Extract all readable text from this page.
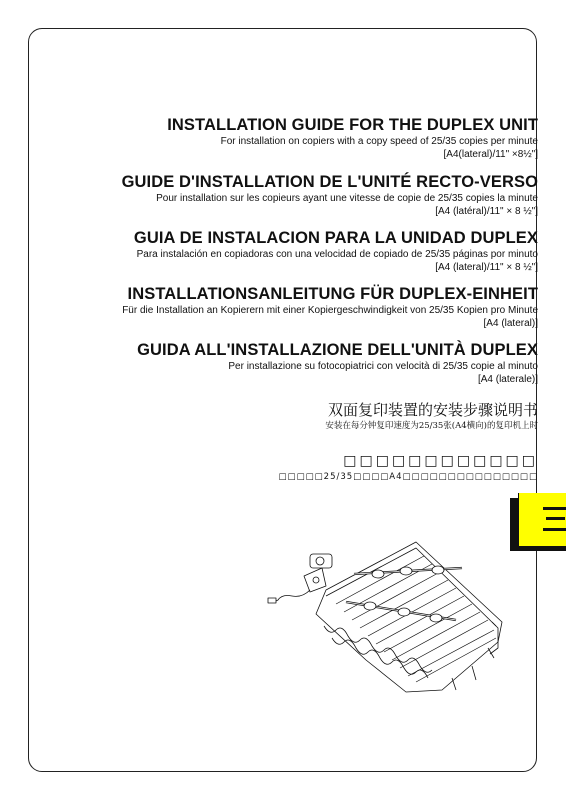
INSTALLATION GUIDE FOR THE DUPLEX UNIT
For installation on copiers with a copy speed of 25/35 copies per minute
[A4(lateral)/11" ×8½"]
GUIDE D'INSTALLATION DE L'UNITÉ RECTO-VERSO
Pour installation sur les copieurs ayant une vitesse de copie de 25/35 copies la minute
[A4 (latéral)/11" × 8 ½"]
GUIA DE INSTALACION PARA LA UNIDAD DUPLEX
Para instalación en copiadoras con una velocidad de copiado de 25/35 páginas por minuto
[A4 (lateral)/11" × 8 ½"]
INSTALLATIONSANLEITUNG FÜR DUPLEX-EINHEIT
Für die Installation an Kopierern mit einer Kopiergeschwindigkeit von 25/35 Kopien pro Minute
[A4 (lateral)]
GUIDA ALL'INSTALLAZIONE DELL'UNITÀ DUPLEX
Per installazione su fotocopiatrici con velocità di 25/35 copie al minuto
[A4 (laterale)]
双面复印装置的安装步骤说明书
安装在每分钟复印速度为25/35张(A4横向)的复印机上时
□□□□□□□□□□□□
□□□□□25/35□□□□A4□□□□□□□□□□□□□□□
